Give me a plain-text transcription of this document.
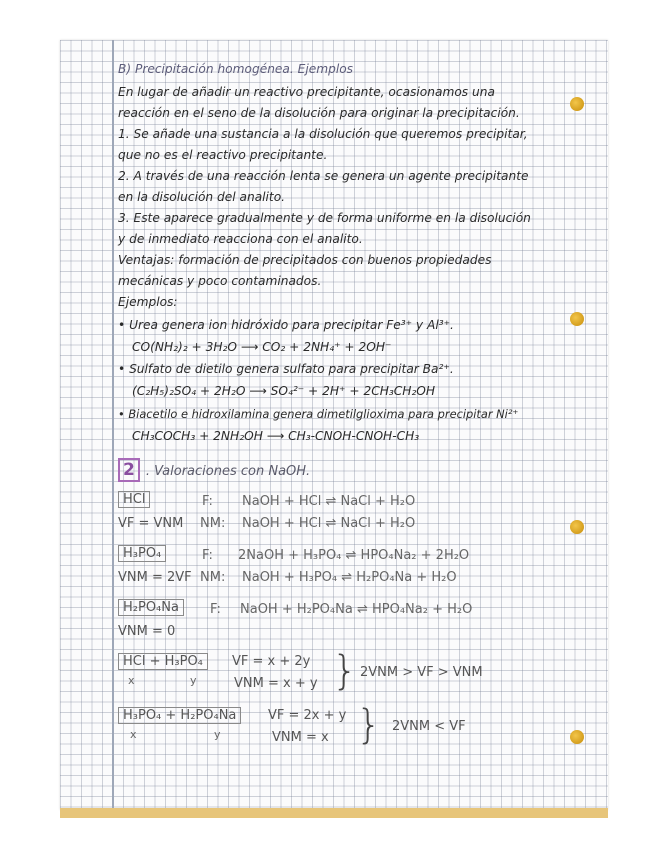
B) Precipitación homogénea. Ejemplos
En lugar de añadir un reactivo precipitante, ocasionamos una
reacción en el seno de la disolución para originar la precipitación.
1. Se añade una sustancia a la disolución que queremos precipitar,
que no es el reactivo precipitante.
2. A través de una reacción lenta se genera un agente precipitante
en la disolución del analito.
3. Este aparece gradualmente y de forma uniforme en la disolución
y de inmediato reacciona con el analito.
Ventajas: formación de precipitados con buenos propiedades
mecánicas y poco contaminados.
Ejemplos:
• Urea genera ion hidróxido para precipitar Fe³⁺ y Al³⁺.
CO(NH₂)₂ + 3H₂O ⟶ CO₂ + 2NH₄⁺ + 2OH⁻
• Sulfato de dietilo genera sulfato para precipitar Ba²⁺.
(C₂H₅)₂SO₄ + 2H₂O ⟶ SO₄²⁻ + 2H⁺ + 2CH₃CH₂OH
• Biacetilo e hidroxilamina genera dimetilglioxima para precipitar Ni²⁺
CH₃COCH₃ + 2NH₂OH ⟶ CH₃-CNOH-CNOH-CH₃
2 . Valoraciones con NaOH.
HCl
VF = VNM
F: NaOH + HCl ⇌ NaCl + H₂O
NM: NaOH + HCl ⇌ NaCl + H₂O
H₃PO₄
VNM = 2VF
F: 2NaOH + H₃PO₄ ⇌ HPO₄Na₂ + 2H₂O
NM: NaOH + H₃PO₄ ⇌ H₂PO₄Na + H₂O
H₂PO₄Na
VNM = 0
F: NaOH + H₂PO₄Na ⇌ HPO₄Na₂ + H₂O
HCl + H₃PO₄
x	y
VF = x + 2y
VNM = x + y } 2VNM > VF > VNM
H₃PO₄ + H₂PO₄Na
x	y
VF = 2x + y
VNM = x } 2VNM < VF
